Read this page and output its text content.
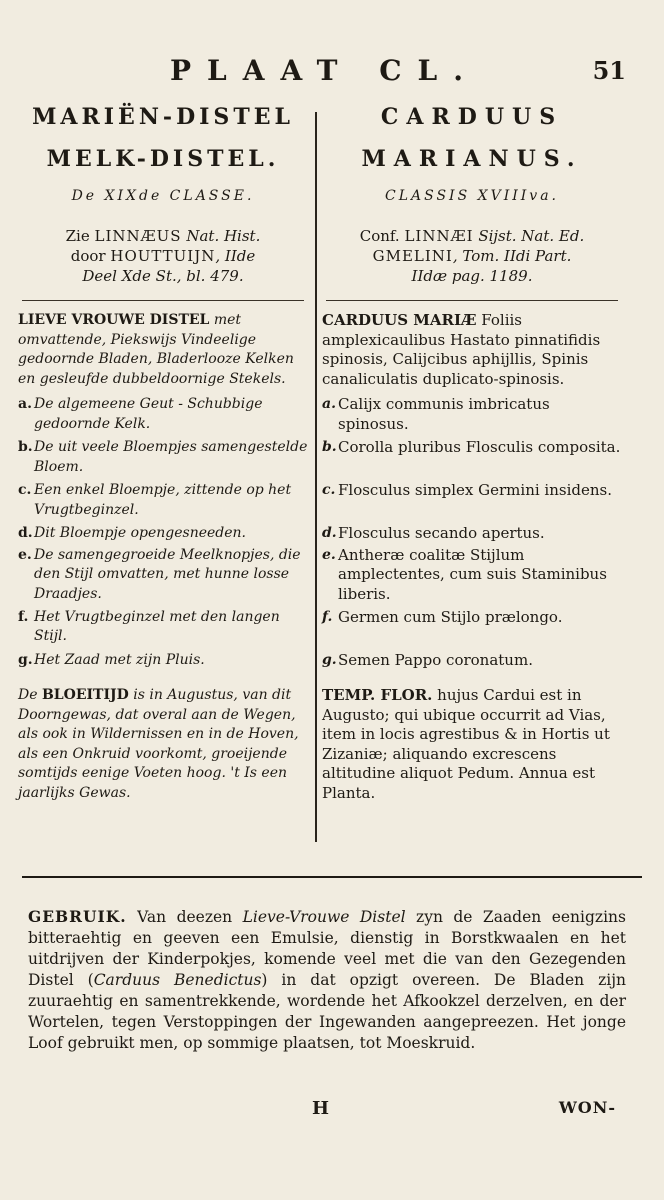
PLAAT CL.	51
MARIËN-DISTEL
MELK-DISTEL.
De XIXde CLASSE.
Zie LINNÆUS Nat. Hist.
door HOUTTUIJN, IIde
Deel Xde St., bl. 479.
LIEVE VROUWE DISTEL met omvattende, Piekswijs Vindeelige gedoornde Bladen, Bladerlooze Kelken en gesleufde dubbeldoornige Stekels.
a. De algemeene Geut - Schubbige gedoornde Kelk.
b. De uit veele Bloempjes samengestelde Bloem.
c. Een enkel Bloempje, zittende op het Vrugtbeginzel.
d. Dit Bloempje opengesneeden.
e. De samengegroeide Meelknopjes, die den Stijl omvatten, met hunne losse Draadjes.
f. Het Vrugtbeginzel met den langen Stijl.
g. Het Zaad met zijn Pluis.
De BLOEITIJD is in Augustus, van dit Doorngewas, dat overal aan de Wegen, als ook in Wildernissen en in de Hoven, als een Onkruid voorkomt, groeijende somtijds eenige Voeten hoog. 't Is een jaarlijks Gewas.
CARDUUS
MARIANUS.
CLASSIS XVIIIva.
Conf. LINNÆI Sijst. Nat. Ed.
GMELINI, Tom. IIdi Part.
IIdæ pag. 1189.
CARDUUS MARIÆ Foliis amplexicaulibus Hastato pinnatifidis spinosis, Calijcibus aphijllis, Spinis canaliculatis duplicato-spinosis.
a. Calijx communis imbricatus spinosus.
b. Corolla pluribus Flosculis composita.
c. Flosculus simplex Germini insidens.
d. Flosculus secando apertus.
e. Antheræ coalitæ Stijlum amplectentes, cum suis Staminibus liberis.
f. Germen cum Stijlo prælongo.
g. Semen Pappo coronatum.
TEMP. FLOR. hujus Cardui est in Augusto; qui ubique occurrit ad Vias, item in locis agrestibus & in Hortis ut Zizaniæ; aliquando excrescens altitudine aliquot Pedum. Annua est Planta.
GEBRUIK. Van deezen Lieve-Vrouwe Distel zyn de Zaaden eenigzins bitteraehtig en geeven een Emulsie, dienstig in Borstkwaalen en het uitdrijven der Kinderpokjes, komende veel met die van den Gezegenden Distel (Carduus Benedictus) in dat opzigt overeen. De Bladen zijn zuuraehtig en samentrekkende, wordende het Afkookzel derzelven, en der Wortelen, tegen Verstoppingen der Ingewanden aangepreezen. Het jonge Loof gebruikt men, op sommige plaatsen, tot Moeskruid.
H	WON-
